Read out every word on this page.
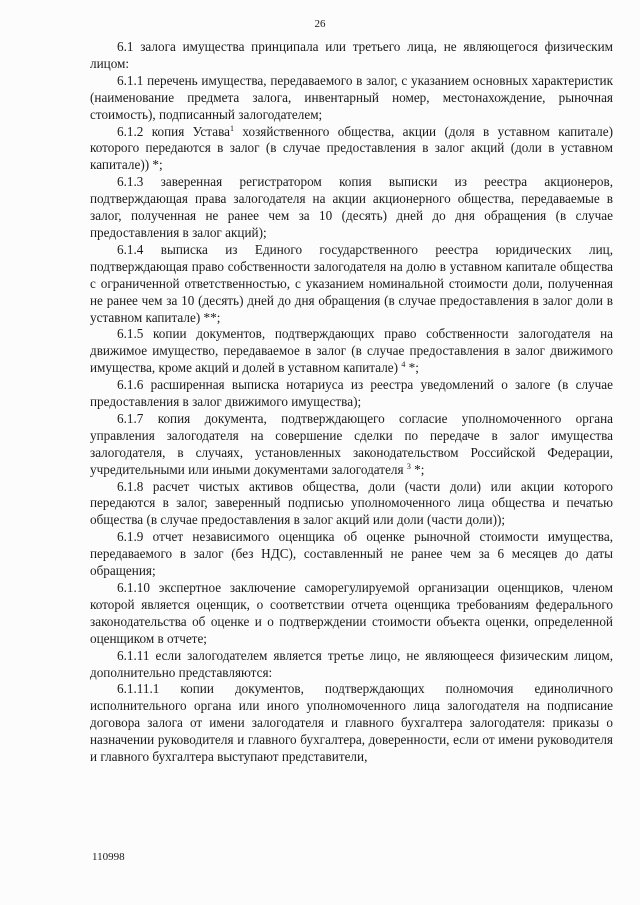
26

6.1 залога имущества принципала или третьего лица, не являющегося физическим лицом:

6.1.1 перечень имущества, передаваемого в залог, с указанием основных характеристик (наименование предмета залога, инвентарный номер, местонахождение, рыночная стоимость), подписанный залогодателем;

6.1.2 копия Устава$^1$ хозяйственного общества, акции (доля в уставном капитале) которого передаются в залог (в случае предоставления в залог акций (доли в уставном капитале)) *;

6.1.3 заверенная регистратором копия выписки из реестра акционеров, подтверждающая права залогодателя на акции акционерного общества, передаваемые в залог, полученная не ранее чем за 10 (десять) дней до дня обращения (в случае предоставления в залог акций);

6.1.4 выписка из Единого государственного реестра юридических лиц, подтверждающая право собственности залогодателя на долю в уставном капитале общества с ограниченной ответственностью, с указанием номинальной стоимости доли, полученная не ранее чем за 10 (десять) дней до дня обращения (в случае предоставления в залог доли в уставном капитале) **;

6.1.5 копии документов, подтверждающих право собственности залогодателя на движимое имущество, передаваемое в залог (в случае предоставления в залог движимого имущества, кроме акций и долей в уставном капитале) $^4$ *;

6.1.6 расширенная выписка нотариуса из реестра уведомлений о залоге (в случае предоставления в залог движимого имущества);

6.1.7 копия документа, подтверждающего согласие уполномоченного органа управления залогодателя на совершение сделки по передаче в залог имущества залогодателя, в случаях, установленных законодательством Российской Федерации, учредительными или иными документами залогодателя $^3$ *;

6.1.8 расчет чистых активов общества, доли (части доли) или акции которого передаются в залог, заверенный подписью уполномоченного лица общества и печатью общества (в случае предоставления в залог акций или доли (части доли));

6.1.9 отчет независимого оценщика об оценке рыночной стоимости имущества, передаваемого в залог (без НДС), составленный не ранее чем за 6 месяцев до даты обращения;

6.1.10 экспертное заключение саморегулируемой организации оценщиков, членом которой является оценщик, о соответствии отчета оценщика требованиям федерального законодательства об оценке и о подтверждении стоимости объекта оценки, определенной оценщиком в отчете;

6.1.11 если залогодателем является третье лицо, не являющееся физическим лицом, дополнительно представляются:

6.1.11.1 копии документов, подтверждающих полномочия единоличного исполнительного органа или иного уполномоченного лица залогодателя на подписание договора залога от имени залогодателя и главного бухгалтера залогодателя: приказы о назначении руководителя и главного бухгалтера, доверенности, если от имени руководителя и главного бухгалтера выступают представители,

110998
